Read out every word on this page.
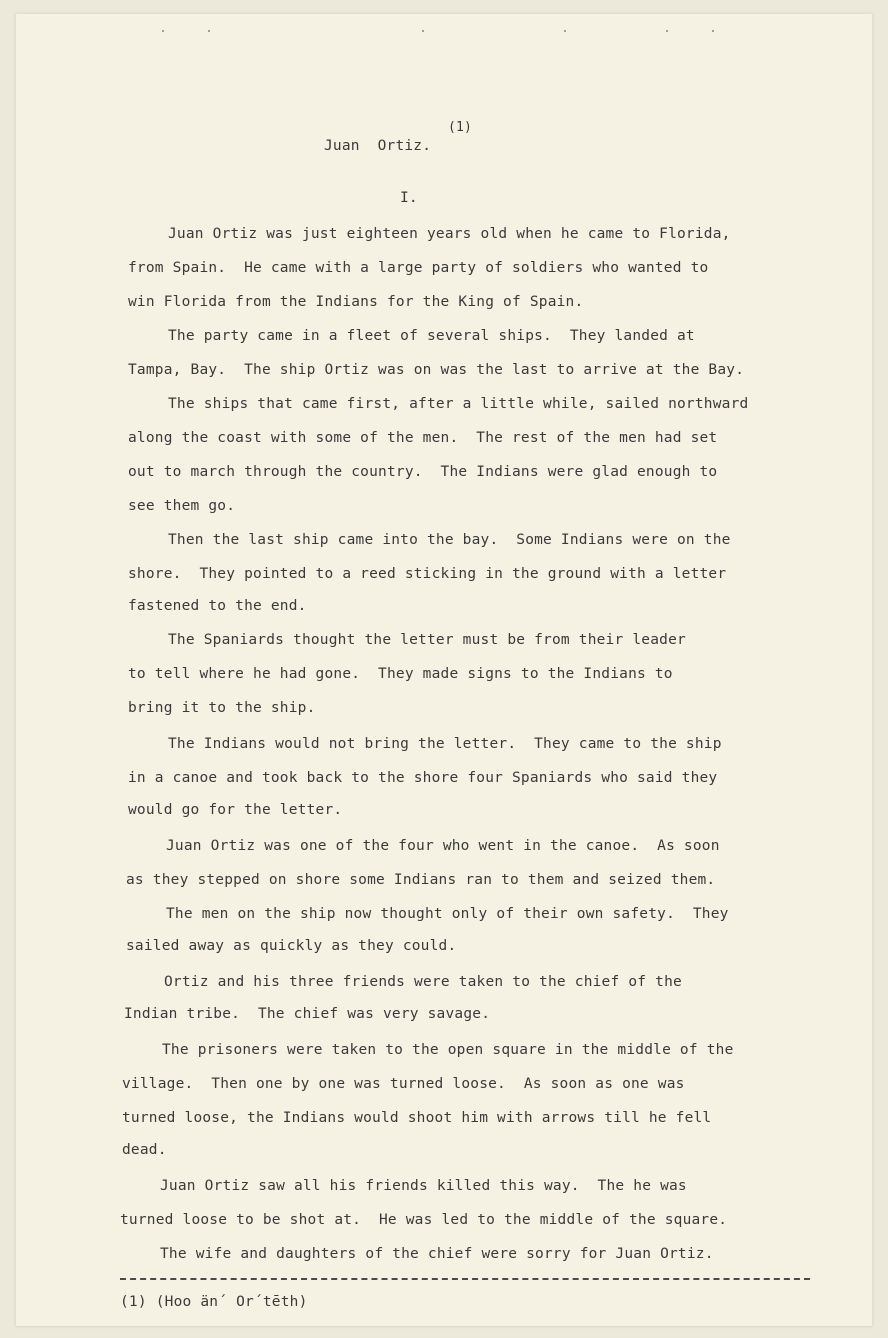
Juan  Ortiz.
(1)
I.
Juan Ortiz was just eighteen years old when he came to Florida,
from Spain.  He came with a large party of soldiers who wanted to
win Florida from the Indians for the King of Spain.
The party came in a fleet of several ships.  They landed at
Tampa, Bay.  The ship Ortiz was on was the last to arrive at the Bay.
The ships that came first, after a little while, sailed northward
along the coast with some of the men.  The rest of the men had set
out to march through the country.  The Indians were glad enough to
see them go.
Then the last ship came into the bay.  Some Indians were on the
shore.  They pointed to a reed sticking in the ground with a letter
fastened to the end.
The Spaniards thought the letter must be from their leader
to tell where he had gone.  They made signs to the Indians to
bring it to the ship.
The Indians would not bring the letter.  They came to the ship
in a canoe and took back to the shore four Spaniards who said they
would go for the letter.
Juan Ortiz was one of the four who went in the canoe.  As soon
as they stepped on shore some Indians ran to them and seized them.
The men on the ship now thought only of their own safety.  They
sailed away as quickly as they could.
Ortiz and his three friends were taken to the chief of the
Indian tribe.  The chief was very savage.
The prisoners were taken to the open square in the middle of the
village.  Then one by one was turned loose.  As soon as one was
turned loose, the Indians would shoot him with arrows till he fell
dead.
Juan Ortiz saw all his friends killed this way.  The he was
turned loose to be shot at.  He was led to the middle of the square.
The wife and daughters of the chief were sorry for Juan Ortiz.
(1) (Hoo än´ Or´tēth)
